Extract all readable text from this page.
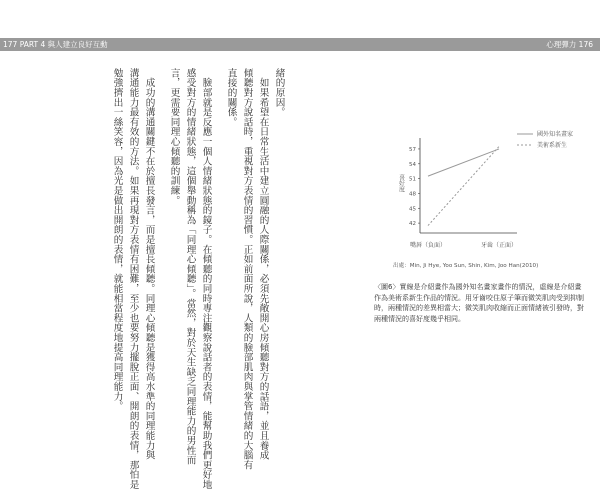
177 PART 4 與人建立良好互動	心理彈力 176
緒的原因。
　如果希望在日常生活中建立圓融的人際關係，必須先敞開心房傾聽對方的話語，並且養成
傾聽對方說話時，重視對方表情的習慣。正如前面所說，人類的臉部肌肉與掌管情緒的大腦有
直接的關係。
　臉部就是反應一個人情緒狀態的鏡子。在傾聽的同時專注觀察說話者的表情，能幫助我們更好地
感受對方的情緒狀態，這個舉動稱為「同理心傾聽」。當然，對於天生缺乏同理能力的男性而
言，更需要同理心傾聽的訓練。
　成功的溝通關鍵不在於擅長發言，而是擅長傾聽。同理心傾聽是獲得高水準的同理能力與
溝通能力最有效的方法。如果再現對方表情有困難，至少也要努力擺脫正面、開朗的表情，那怕是
勉強擠出一絲笑容，因為光是做出開朗的表情，就能相當程度地提高同理能力。	42
45
48
51
54
57
喜好度
嘴唇（負面）	牙齒（正面）
國外知名畫家
美術系新生
出處：Min, Ji Hye, Yoo Sun, Shin, Kim, Joo Han(2010)
〈圖6〉實線是介紹畫作為國外知名畫家畫作的情況，虛線是介紹畫
作為美術系新生作品的情況。用牙齒咬住原子筆而微笑肌肉受到抑制
時，兩種情況的差異相當大；微笑肌肉收縮而正面情緒被引發時，對
兩種情況的喜好度幾乎相同。
